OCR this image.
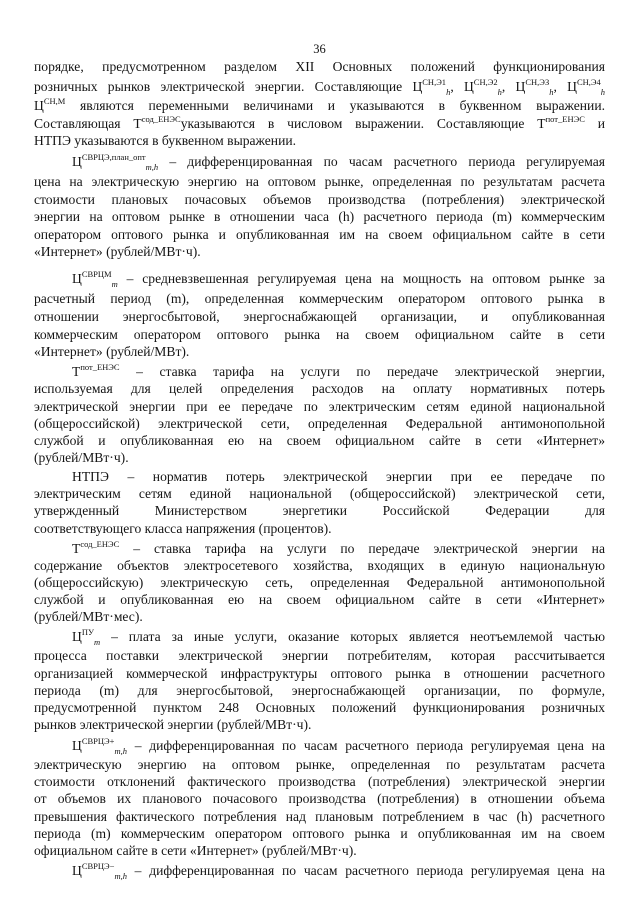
36
порядке, предусмотренном разделом XII Основных положений функционирования
розничных рынков электрической энергии. Составляющие $Ц^{СН,Э1}_h$, $Ц^{СН,Э2}_h$, $Ц^{СН,ЭЗ}_h$, $Ц^{СН,Э4}_h$
$Ц^{СН,М}$ являются переменными величинами и указываются в буквенном выражении.
Составляющая $Т^{сод\_ЕНЭС}указываются$ в числовом выражении. Составляющие $Т^{пот\_ЕНЭС}$ и
НТПЭ указываются в буквенном выражении.
$Ц^{СВРЦЭ,план\_опт}_{m,h}$ – дифференцированная по часам расчетного периода регулируемая
цена на электрическую энергию на оптовом рынке, определенная по результатам расчета
стоимости плановых почасовых объемов производства (потребления) электрической
энергии на оптовом рынке в отношении часа (h) расчетного периода (m) коммерческим
оператором оптового рынка и опубликованная им на своем официальном сайте в сети
«Интернет» (рублей/МВт·ч).
$Ц^{СВРЦМ}_m$ – средневзвешенная регулируемая цена на мощность на оптовом рынке за
расчетный период (m), определенная коммерческим оператором оптового рынка в
отношении энергосбытовой, энергоснабжающей организации, и опубликованная
коммерческим оператором оптового рынка на своем официальном сайте в сети
«Интернет» (рублей/МВт).
$Т^{пот\_ЕНЭС}$ – ставка тарифа на услуги по передаче электрической энергии,
используемая для целей определения расходов на оплату нормативных потерь
электрической энергии при ее передаче по электрическим сетям единой национальной
(общероссийской) электрической сети, определенная Федеральной антимонопольной
службой и опубликованная ею на своем официальном сайте в сети «Интернет»
(рублей/МВт·ч).
НТПЭ – норматив потерь электрической энергии при ее передаче по
электрическим сетям единой национальной (общероссийской) электрической сети,
утвержденный Министерством энергетики Российской Федерации для
соответствующего класса напряжения (процентов).
$Т^{сод\_ЕНЭС}$ – ставка тарифа на услуги по передаче электрической энергии на
содержание объектов электросетевого хозяйства, входящих в единую национальную
(общероссийскую) электрическую сеть, определенная Федеральной антимонопольной
службой и опубликованная ею на своем официальном сайте в сети «Интернет»
(рублей/МВт·мес).
$Ц^{ПУ}_m$ – плата за иные услуги, оказание которых является неотъемлемой частью
процесса поставки электрической энергии потребителям, которая рассчитывается
организацией коммерческой инфраструктуры оптового рынка в отношении расчетного
периода (m) для энергосбытовой, энергоснабжающей организации, по формуле,
предусмотренной пунктом 248 Основных положений функционирования розничных
рынков электрической энергии (рублей/МВт·ч).
$Ц^{СВРЦЭ+}_{m,h}$ – дифференцированная по часам расчетного периода регулируемая цена на
электрическую энергию на оптовом рынке, определенная по результатам расчета
стоимости отклонений фактического производства (потребления) электрической энергии
от объемов их планового почасового производства (потребления) в отношении объема
превышения фактического потребления над плановым потреблением в час (h) расчетного
периода (m) коммерческим оператором оптового рынка и опубликованная им на своем
официальном сайте в сети «Интернет» (рублей/МВт·ч).
$Ц^{СВРЦЭ-}_{m,h}$ – дифференцированная по часам расчетного периода регулируемая цена на
